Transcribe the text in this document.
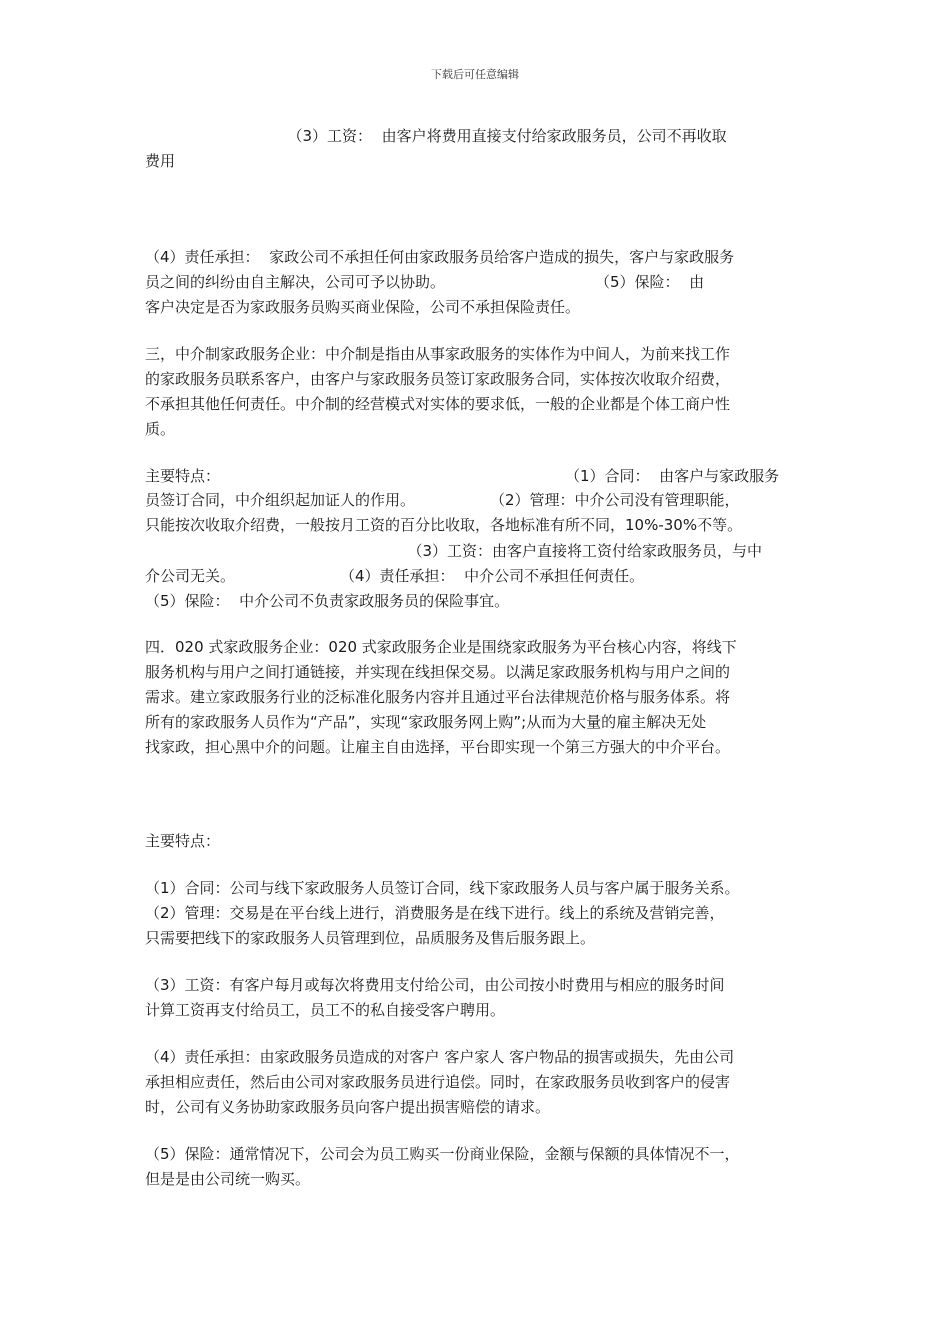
下载后可任意编辑
　　　　　　　　　　（3）工资：  由客户将费用直接支付给家政服务员，公司不再收取
费用
（4）责任承担：  家政公司不承担任何由家政服务员给客户造成的损失，客户与家政服务
员之间的纠纷由自主解决，公司可予以协助。　　　　　　　　　　　（5）保险：  由
客户决定是否为家政服务员购买商业保险，公司不承担保险责任。
三，中介制家政服务企业：中介制是指由从事家政服务的实体作为中间人，为前来找工作
的家政服务员联系客户，由客户与家政服务员签订家政服务合同，实体按次收取介绍费，
不承担其他任何责任。中介制的经营模式对实体的要求低，一般的企业都是个体工商户性
质。
主要特点：　　　　　　　　　　　　　　　　　　　　　　　　（1）合同：  由客户与家政服务
员签订合同，中介组织起加证人的作用。　　　　　　（2）管理：中介公司没有管理职能，
只能按次收取介绍费，一般按月工资的百分比收取，各地标准有所不同，10%-30%不等。
　　　　　　　　　　　　　　　　　　（3）工资：由客户直接将工资付给家政服务员，与中
介公司无关。　　　　　　　　（4）责任承担：  中介公司不承担任何责任。
（5）保险：  中介公司不负责家政服务员的保险事宜。
四．020 式家政服务企业：020 式家政服务企业是围绕家政服务为平台核心内容，将线下
服务机构与用户之间打通链接，并实现在线担保交易。以满足家政服务机构与用户之间的
需求。建立家政服务行业的泛标准化服务内容并且通过平台法律规范价格与服务体系。将
所有的家政服务人员作为“产品”，实现“家政服务网上购”;从而为大量的雇主解决无处
找家政，担心黑中介的问题。让雇主自由选择，平台即实现一个第三方强大的中介平台。
主要特点：
（1）合同：公司与线下家政服务人员签订合同，线下家政服务人员与客户属于服务关系。
（2）管理：交易是在平台线上进行，消费服务是在线下进行。线上的系统及营销完善，
只需要把线下的家政服务人员管理到位，品质服务及售后服务跟上。
（3）工资：有客户每月或每次将费用支付给公司，由公司按小时费用与相应的服务时间
计算工资再支付给员工，员工不的私自接受客户聘用。
（4）责任承担：由家政服务员造成的对客户 客户家人 客户物品的损害或损失，先由公司
承担相应责任，然后由公司对家政服务员进行追偿。同时，在家政服务员收到客户的侵害
时，公司有义务协助家政服务员向客户提出损害赔偿的请求。
（5）保险：通常情况下，公司会为员工购买一份商业保险，金额与保额的具体情况不一，
但是是由公司统一购买。
